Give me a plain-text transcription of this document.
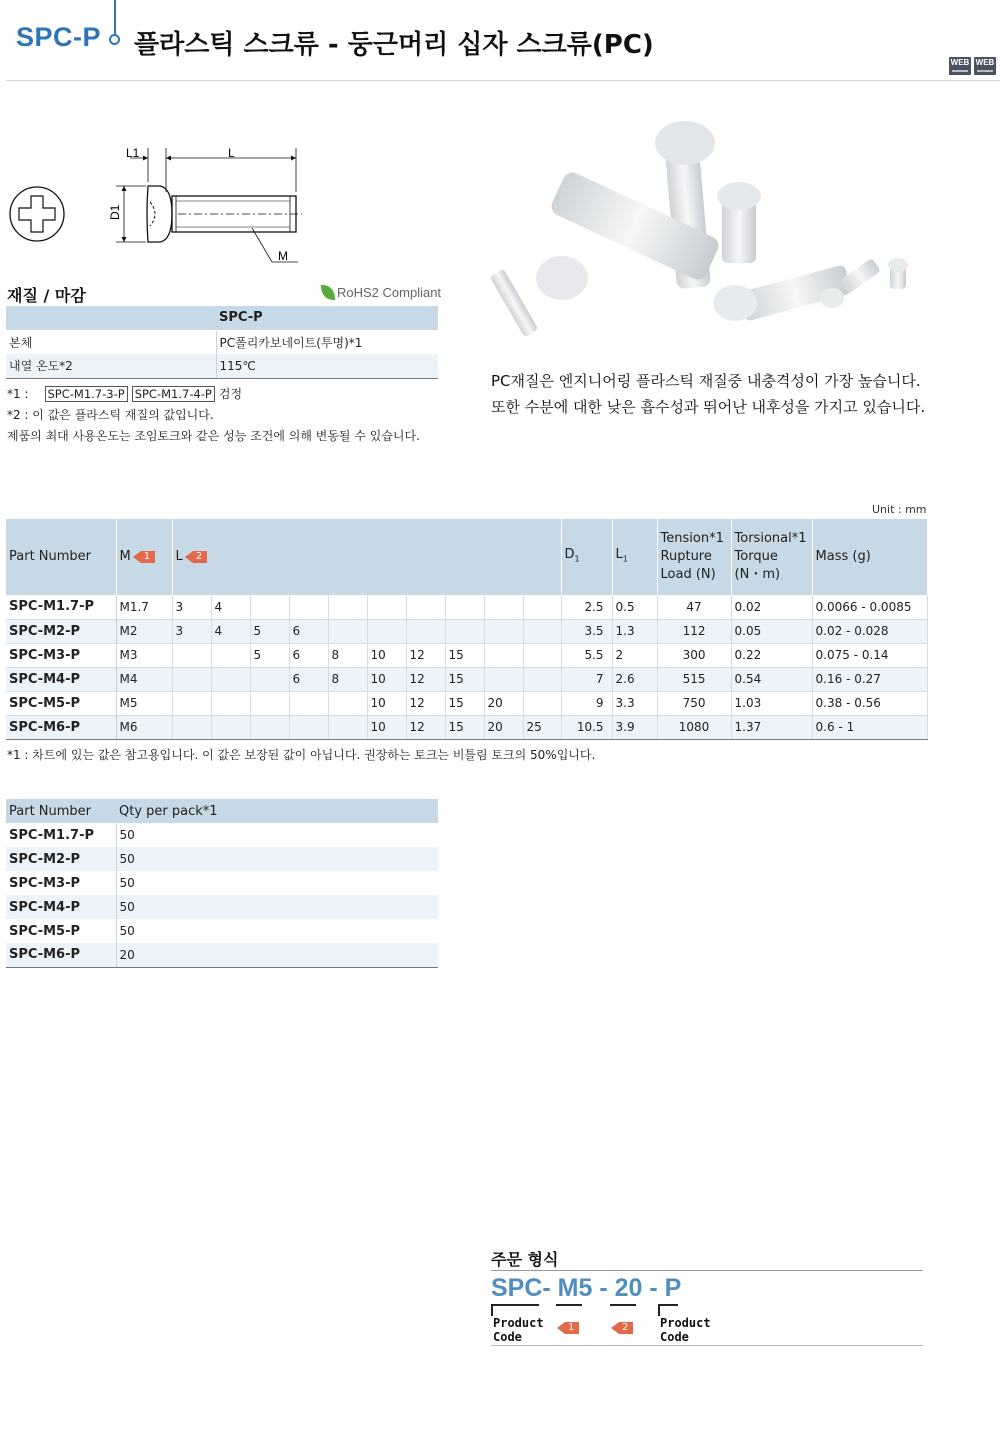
SPC-P 플라스틱 스크류 - 둥근머리 십자 스크류(PC)
WEB WEB
L1	L
D1
M
재질 / 마감	RoHS2 Compliant
	SPC-P
본체	PC폴리카보네이트(투명)*1
내열 온도*2	115℃
*1 : SPC-M1.7-3-P SPC-M1.7-4-P 검정
*2 : 이 값은 플라스틱 재질의 값입니다.
제품의 최대 사용온도는 조임토크와 같은 성능 조건에 의해 변동될 수 있습니다.
PC재질은 엔지니어링 플라스틱 재질중 내충격성이 가장 높습니다.
또한 수분에 대한 낮은 흡수성과 뛰어난 내후성을 가지고 있습니다.
Unit : mm
Part Number	M 1	L 2										$D_1$	$L_1$	Tension*1 Rupture Load (N)	Torsional*1 Torque (N・m)	Mass (g)
SPC-M1.7-P	M1.7	3	4									2.5	0.5	47	0.02	0.0066 - 0.0085
SPC-M2-P	M2	3	4	5	6							3.5	1.3	112	0.05	0.02 - 0.028
SPC-M3-P	M3			5	6	8	10	12	15			5.5	2	300	0.22	0.075 - 0.14
SPC-M4-P	M4				6	8	10	12	15			7	2.6	515	0.54	0.16 - 0.27
SPC-M5-P	M5						10	12	15	20		9	3.3	750	1.03	0.38 - 0.56
SPC-M6-P	M6						10	12	15	20	25	10.5	3.9	1080	1.37	0.6 - 1
*1 : 차트에 있는 값은 참고용입니다. 이 값은 보장된 값이 아닙니다. 권장하는 토크는 비틀림 토크의 50%입니다.
Part Number	Qty per pack*1
SPC-M1.7-P	50
SPC-M2-P	50
SPC-M3-P	50
SPC-M4-P	50
SPC-M5-P	50
SPC-M6-P	20
주문 형식
SPC- M5 - 20 - P
Product
Code
1	2	Product
Code
